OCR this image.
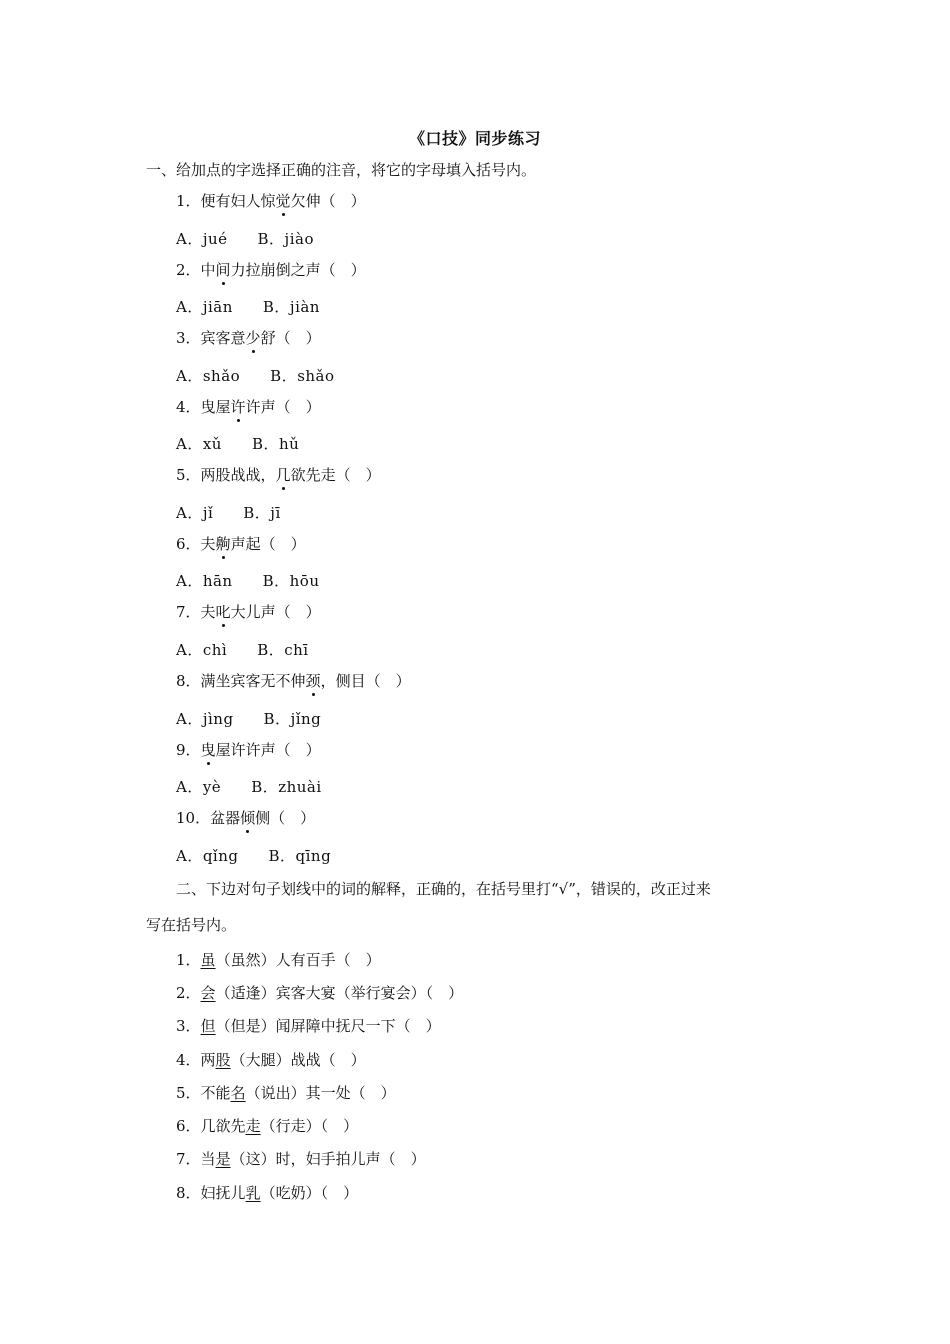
《口技》同步练习
一、给加点的字选择正确的注音，将它的字母填入括号内。
1．便有妇人惊觉欠伸（　）
A．jué B．jiào
2．中间力拉崩倒之声（　）
A．jiān B．jiàn
3．宾客意少舒（　）
A．shǎo B．shǎo
4．曳屋许许声（　）
A．xǔ B．hǔ
5．两股战战，几欲先走（　）
A．jǐ B．jī
6．夫齁声起（　）
A．hān B．hōu
7．夫叱大儿声（　）
A．chì B．chī
8．满坐宾客无不伸颈，侧目（　）
A．jìng B．jǐng
9．曳屋许许声（　）
A．yè B．zhuài
10．盆器倾侧（　）
A．qǐng B．qīng
二、下边对句子划线中的词的解释，正确的，在括号里打“√”，错误的，改正过来
写在括号内。
1．虽（虽然）人有百手（　）
2．会（适逢）宾客大宴（举行宴会）（　）
3．但（但是）闻屏障中抚尺一下（　）
4．两股（大腿）战战（　）
5．不能名（说出）其一处（　）
6．几欲先走（行走）（　）
7．当是（这）时，妇手拍儿声（　）
8．妇抚儿乳（吃奶）（　）
